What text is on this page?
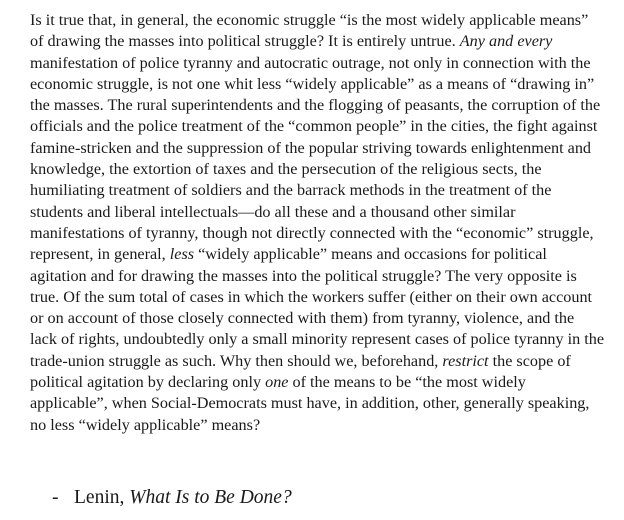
Is it true that, in general, the economic struggle “is the most widely applicable means” of drawing the masses into political struggle? It is entirely untrue. Any and every manifestation of police tyranny and autocratic outrage, not only in connection with the economic struggle, is not one whit less “widely applicable” as a means of “drawing in” the masses. The rural superintendents and the flogging of peasants, the corruption of the officials and the police treatment of the “common people” in the cities, the fight against famine-stricken and the suppression of the popular striving towards enlightenment and knowledge, the extortion of taxes and the persecution of the religious sects, the humiliating treatment of soldiers and the barrack methods in the treatment of the students and liberal intellectuals—do all these and a thousand other similar manifestations of tyranny, though not directly connected with the “economic” struggle, represent, in general, less “widely applicable” means and occasions for political agitation and for drawing the masses into the political struggle? The very opposite is true. Of the sum total of cases in which the workers suffer (either on their own account or on account of those closely connected with them) from tyranny, violence, and the lack of rights, undoubtedly only a small minority represent cases of police tyranny in the trade-union struggle as such. Why then should we, beforehand, restrict the scope of political agitation by declaring only one of the means to be “the most widely applicable”, when Social-Democrats must have, in addition, other, generally speaking, no less “widely applicable” means?

- Lenin, What Is to Be Done?
